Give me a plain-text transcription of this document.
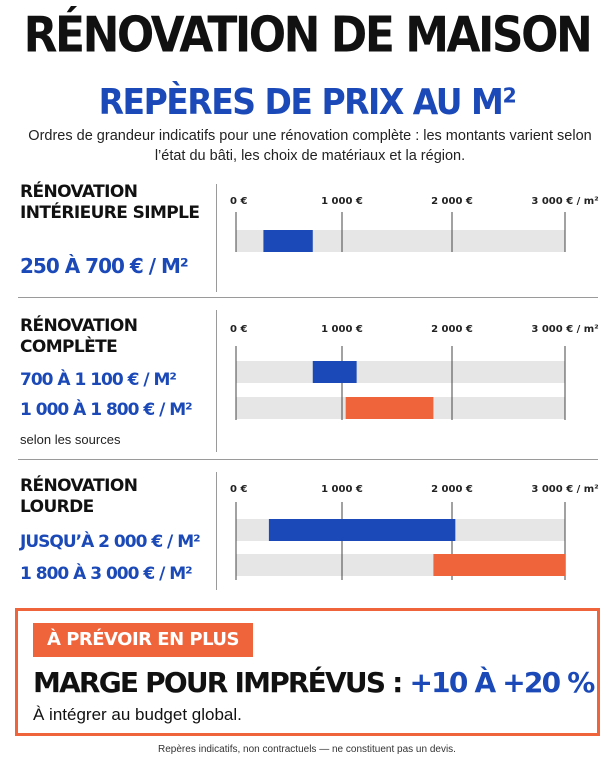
RÉNOVATION DE MAISON
REPÈRES DE PRIX AU M²
Ordres de grandeur indicatifs pour une rénovation complète : les montants varient selon l’état du bâti, les choix de matériaux et la région.
RÉNOVATION INTÉRIEURE SIMPLE
250 À 700 € / M²
RÉNOVATION COMPLÈTE
700 À 1 100 € / M²
1 000 À 1 800 € / M²
selon les sources
RÉNOVATION LOURDE
JUSQU’À 2 000 € / M²
1 800 À 3 000 € / M²
0 €	1 000 €	2 000 €	3 000 € / m²
0 €	1 000 €	2 000 €	3 000 € / m²
0 €	1 000 €	2 000 €	3 000 € / m²
À PRÉVOIR EN PLUS
MARGE POUR IMPRÉVUS : +10 À +20 %
À intégrer au budget global.
Repères indicatifs, non contractuels — ne constituent pas un devis.
